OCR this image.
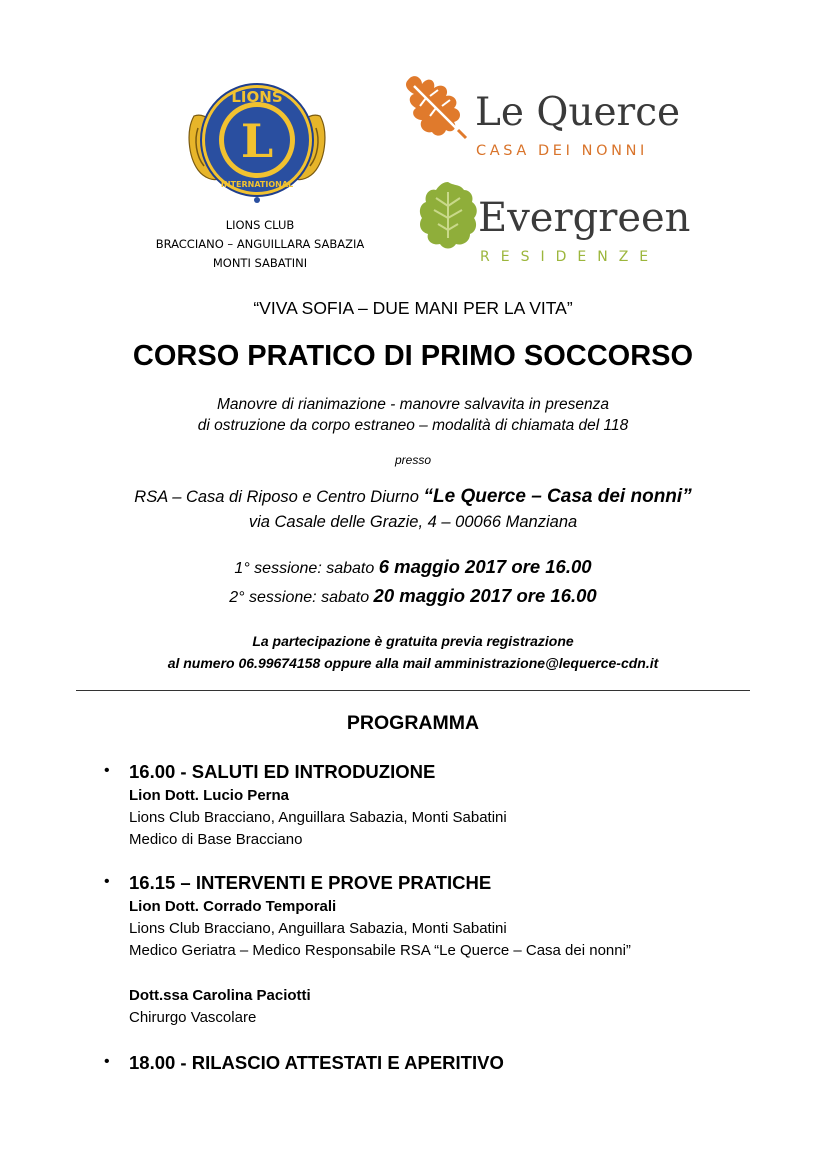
LIONS
INTERNATIONAL
L
LIONS CLUB
BRACCIANO – ANGUILLARA SABAZIA
MONTI SABATINI
Le Querce
CASA DEI NONNI
Evergreen
RESIDENZE
“VIVA SOFIA – DUE MANI PER LA VITA”
CORSO PRATICO DI PRIMO SOCCORSO
Manovre di rianimazione - manovre salvavita in presenza
di ostruzione da corpo estraneo – modalità di chiamata del 118
presso
RSA – Casa di Riposo e Centro Diurno “Le Querce – Casa dei nonni”
via Casale delle Grazie, 4 – 00066 Manziana
1° sessione: sabato 6 maggio 2017 ore 16.00
2° sessione: sabato 20 maggio 2017 ore 16.00
La partecipazione è gratuita previa registrazione
al numero 06.99674158 oppure alla mail amministrazione@lequerce-cdn.it
PROGRAMMA
• 16.00 - SALUTI ED INTRODUZIONE
Lion Dott. Lucio Perna
Lions Club Bracciano, Anguillara Sabazia, Monti Sabatini
Medico di Base Bracciano
• 16.15 – INTERVENTI E PROVE PRATICHE
Lion Dott. Corrado Temporali
Lions Club Bracciano, Anguillara Sabazia, Monti Sabatini
Medico Geriatra – Medico Responsabile RSA “Le Querce – Casa dei nonni”
Dott.ssa Carolina Paciotti
Chirurgo Vascolare
• 18.00 - RILASCIO ATTESTATI E APERITIVO
